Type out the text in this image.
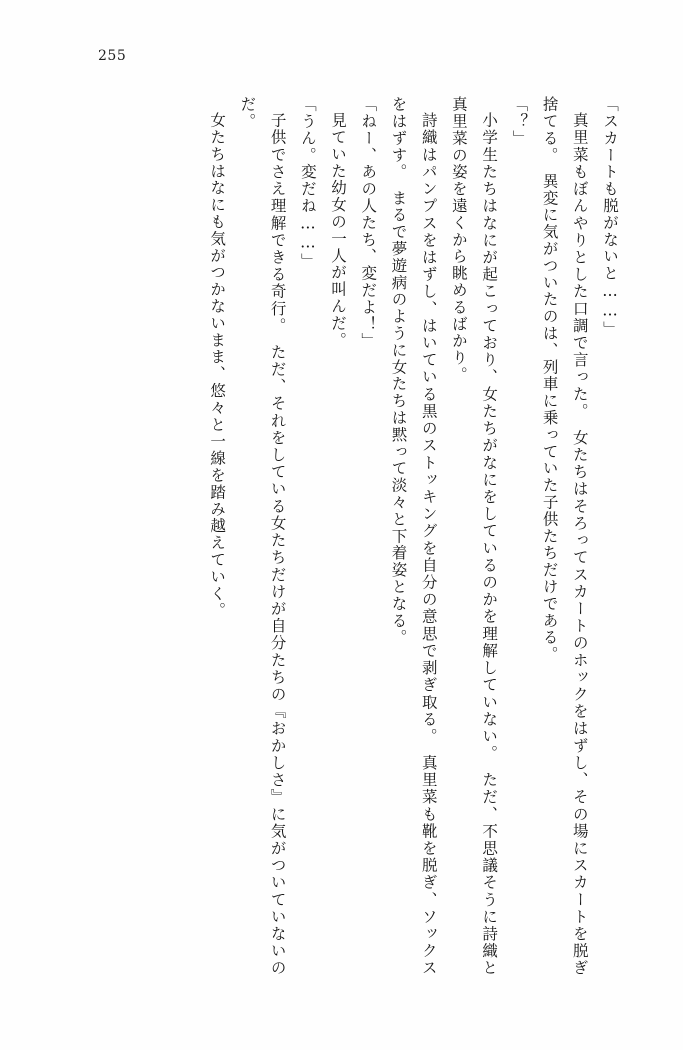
255

「スカートも脱がないと……」

真里菜もぼんやりとした口調で言った。　女たちはそろってスカートのホックをはずし、その場にスカートを脱ぎ捨てる。　異変に気がついたのは、列車に乗っていた子供たちだけである。

「？」

小学生たちはなにが起こっており、女たちがなにをしているのかを理解していない。　ただ、不思議そうに詩織と真里菜の姿を遠くから眺めるばかり。

詩織はパンプスをはずし、はいている黒のストッキングを自分の意思で剥ぎ取る。　真里菜も靴を脱ぎ、ソックスをはずす。　まるで夢遊病のように女たちは黙って淡々と下着姿となる。

「ねー、あの人たち、変だよ！」

見ていた幼女の一人が叫んだ。

「うん。変だね……」

子供でさえ理解できる奇行。　ただ、それをしている女たちだけが自分たちの『おかしさ』に気がついていないのだ。

女たちはなにも気がつかないまま、悠々と一線を踏み越えていく。
